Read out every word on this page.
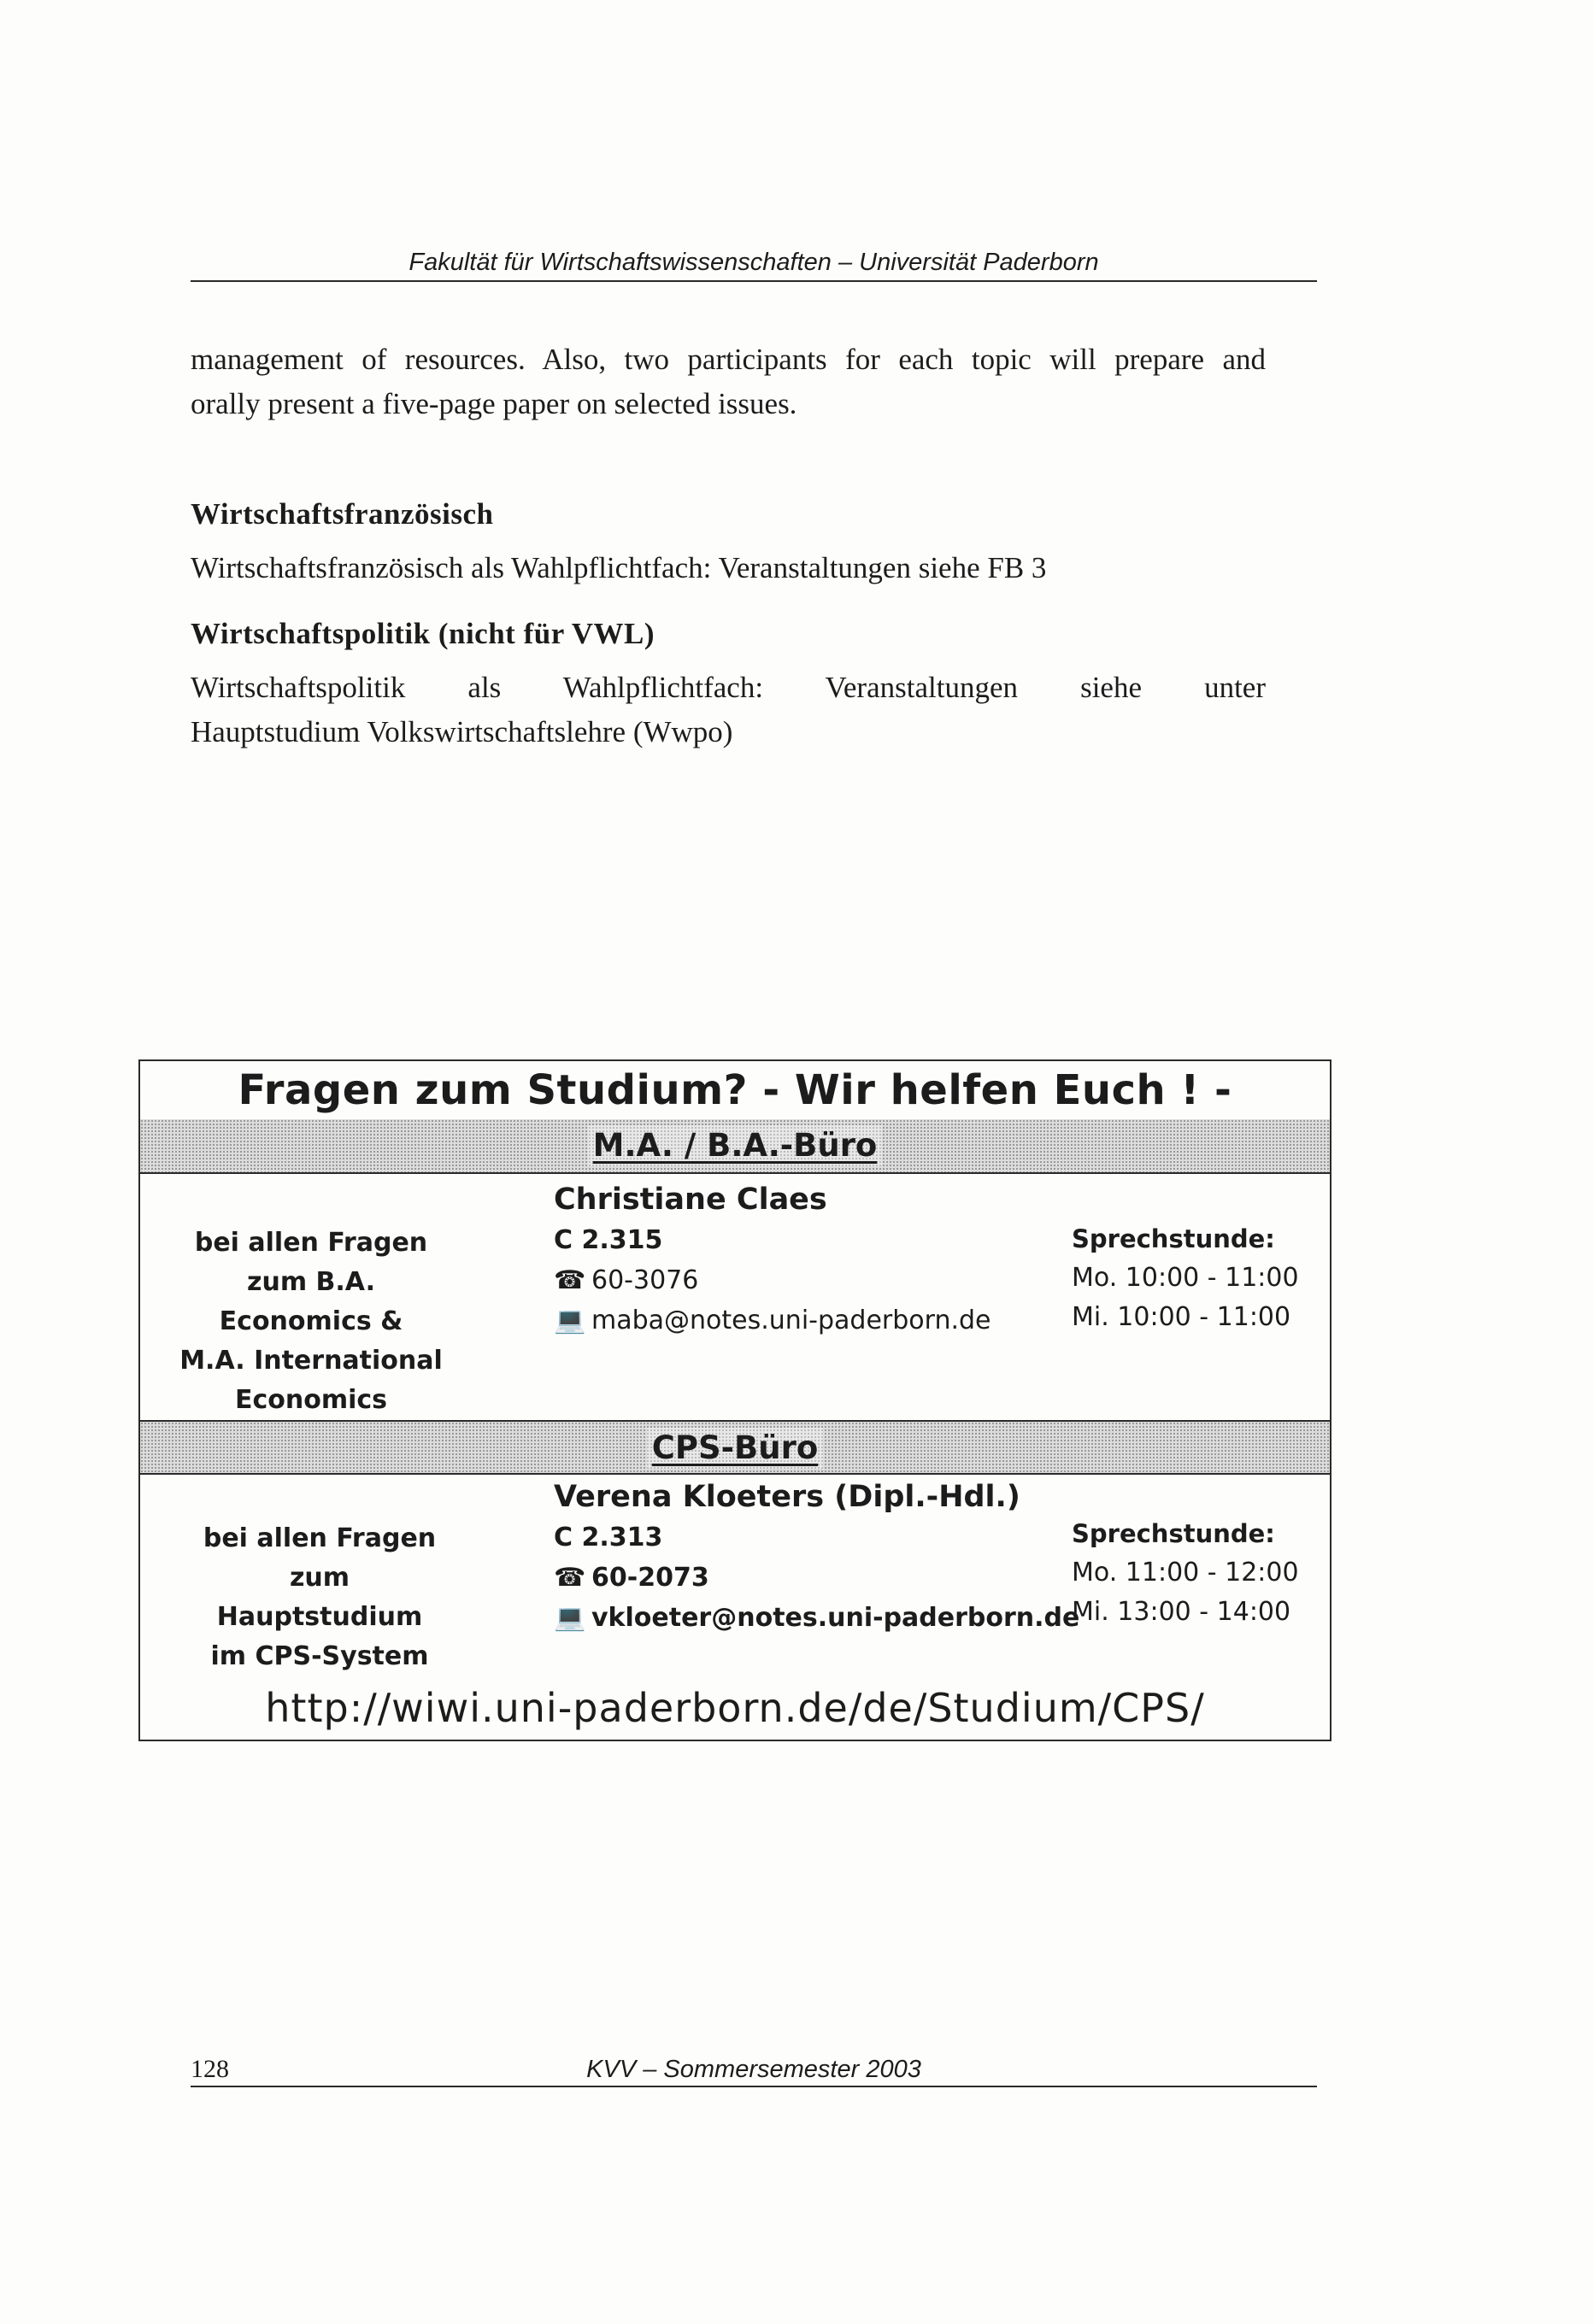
Fakultät für Wirtschaftswissenschaften – Universität Paderborn
management of resources. Also, two participants for each topic will prepare and
orally present a five-page paper on selected issues.
Wirtschaftsfranzösisch
Wirtschaftsfranzösisch als Wahlpflichtfach: Veranstaltungen siehe FB 3
Wirtschaftspolitik (nicht für VWL)
Wirtschaftspolitik als Wahlpflichtfach: Veranstaltungen siehe unter
Hauptstudium Volkswirtschaftslehre (Wwpo)
Fragen zum Studium? - Wir helfen Euch ! -
M.A. / B.A.-Büro
bei allen Fragen
zum B.A. Economics &
M.A. International
Economics
Christiane Claes
C 2.315
☎ 60-3076
💻 maba@notes.uni-paderborn.de
Sprechstunde:
Mo. 10:00 - 11:00
Mi. 10:00 - 11:00
CPS-Büro
bei allen Fragen
zum Hauptstudium
im CPS-System
Verena Kloeters (Dipl.-Hdl.)
C 2.313
☎ 60-2073
💻 vkloeter@notes.uni-paderborn.de
Sprechstunde:
Mo. 11:00 - 12:00
Mi. 13:00 - 14:00
http://wiwi.uni-paderborn.de/de/Studium/CPS/
128	KVV – Sommersemester 2003
